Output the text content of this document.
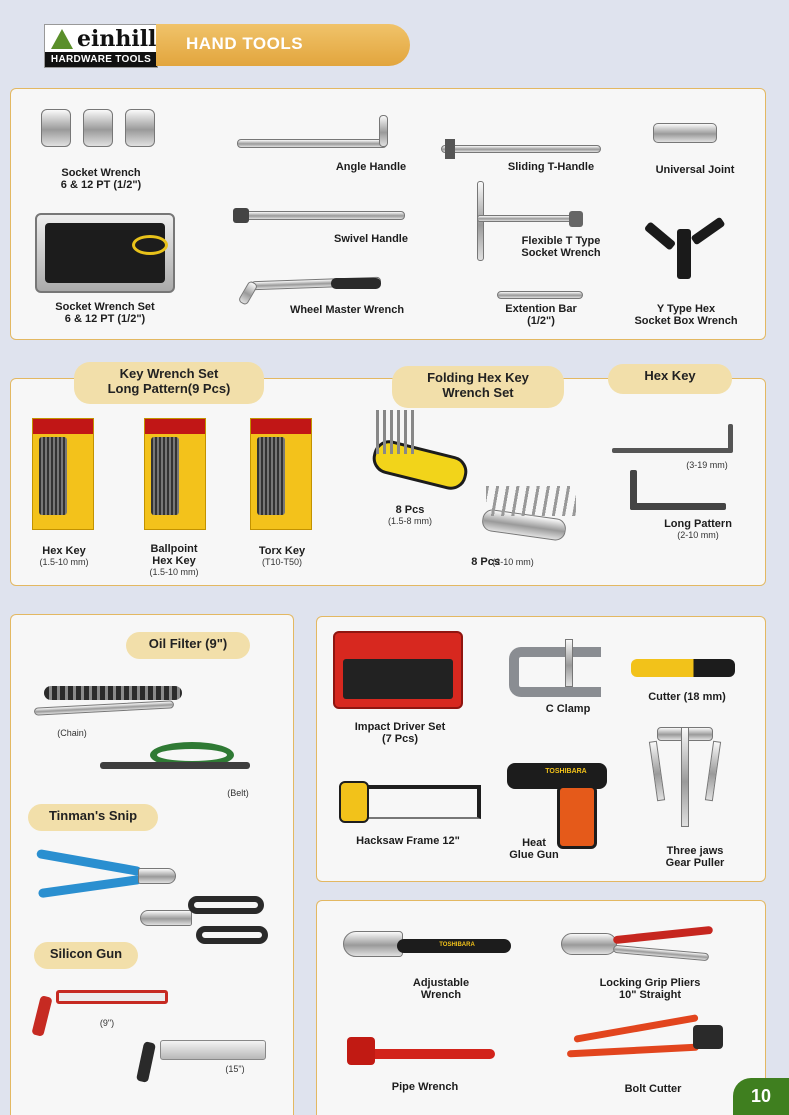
einhill
HARDWARE TOOLS
HAND TOOLS
Socket Wrench
6 & 12 PT (1/2")
Socket Wrench Set
6 & 12 PT (1/2")
Angle Handle
Swivel Handle
Wheel Master Wrench
Sliding T-Handle
Flexible T Type
Socket Wrench
Extention Bar
(1/2")
Universal Joint
Y Type Hex
Socket Box Wrench
Key Wrench Set
Long Pattern(9 Pcs)
Folding Hex Key
Wrench Set
Hex Key
Hex Key
(1.5-10 mm)
Ballpoint
Hex Key
(1.5-10 mm)
Torx Key
(T10-T50)
8 Pcs
(1.5-8 mm)
8 Pcs
(2-10 mm)
(3-19 mm)
Long Pattern
(2-10 mm)
Oil Filter (9")
(Chain)
(Belt)
Tinman's Snip
Silicon Gun
(9")
(15")
Impact Driver Set
(7 Pcs)
C Clamp
Cutter (18 mm)
Hacksaw Frame 12"
TOSHIBARA
Heat
Glue Gun	Three jaws
Gear Puller
TOSHIBARA
Adjustable
Wrench
Locking Grip Pliers
10" Straight
Pipe Wrench	Bolt Cutter	10
